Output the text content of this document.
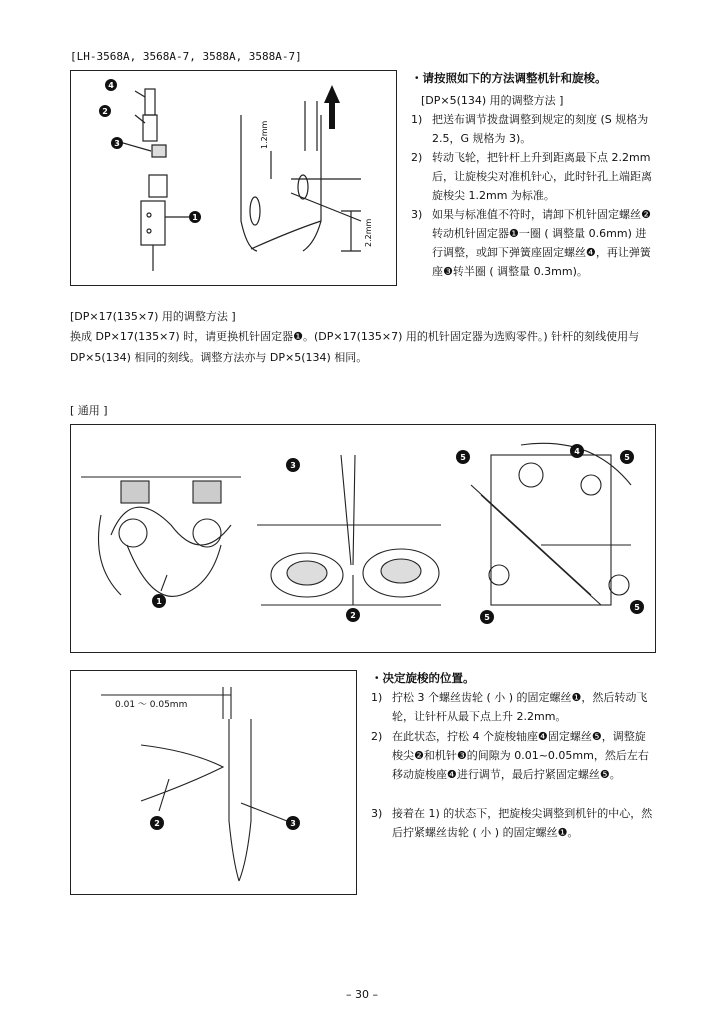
[LH-3568A, 3568A-7, 3588A, 3588A-7]
4
2
3
1
1.2mm
2.2mm
・请按照如下的方法调整机针和旋梭。
[DP×5(134) 用的调整方法 ]
1) 把送布调节拨盘调整到规定的刻度 (S 规格为 2.5，G 规格为 3)。
2) 转动飞轮，把针杆上升到距离最下点 2.2mm 后，让旋梭尖对准机针心，此时针孔上端距离旋梭尖 1.2mm 为标准。
3) 如果与标准值不符时，请卸下机针固定螺丝❷转动机针固定器❶一圈 ( 调整量 0.6mm) 进行调整，或卸下弹簧座固定螺丝❹，再让弹簧座❸转半圈 ( 调整量 0.3mm)。
[DP×17(135×7) 用的调整方法 ]
换成 DP×17(135×7) 时，请更换机针固定器❶。(DP×17(135×7) 用的机针固定器为选购零件。) 针杆的刻线使用与 DP×5(134) 相同的刻线。调整方法亦与 DP×5(134) 相同。
[ 通用 ]
1
3
2
5
4
5
5
5
0.01 ～ 0.05mm
2	3
・决定旋梭的位置。
1) 拧松 3 个螺丝齿轮 ( 小 ) 的固定螺丝❶，然后转动飞轮，让针杆从最下点上升 2.2mm。
2) 在此状态，拧松 4 个旋梭轴座❹固定螺丝❺，调整旋梭尖❷和机针❸的间隙为 0.01~0.05mm，然后左右移动旋梭座❹进行调节，最后拧紧固定螺丝❺。
3) 接着在 1) 的状态下，把旋梭尖调整到机针的中心，然后拧紧螺丝齿轮 ( 小 ) 的固定螺丝❶。
– 30 –
